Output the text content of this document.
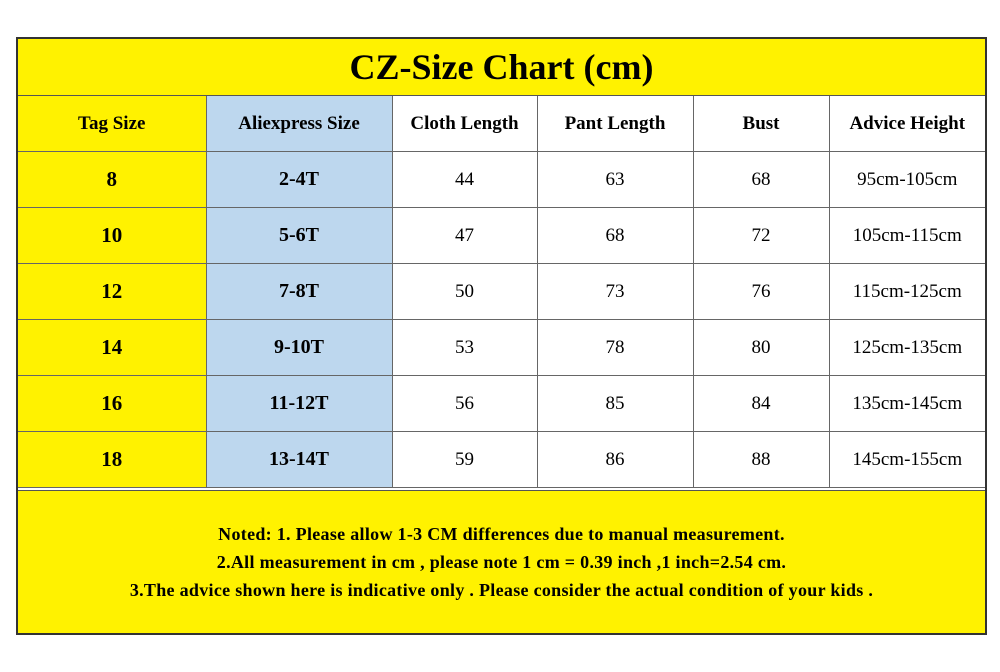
CZ-Size Chart (cm)
Tag Size	Aliexpress Size	Cloth Length	Pant Length	Bust	Advice Height
8	2-4T	44	63	68	95cm-105cm
10	5-6T	47	68	72	105cm-115cm
12	7-8T	50	73	76	115cm-125cm
14	9-10T	53	78	80	125cm-135cm
16	11-12T	56	85	84	135cm-145cm
18	13-14T	59	86	88	145cm-155cm
Noted: 1. Please allow 1-3 CM differences due to manual measurement.
2.All measurement in cm , please note 1 cm = 0.39 inch ,1 inch=2.54 cm.
3.The advice shown here is indicative only . Please consider the actual condition of your kids .
